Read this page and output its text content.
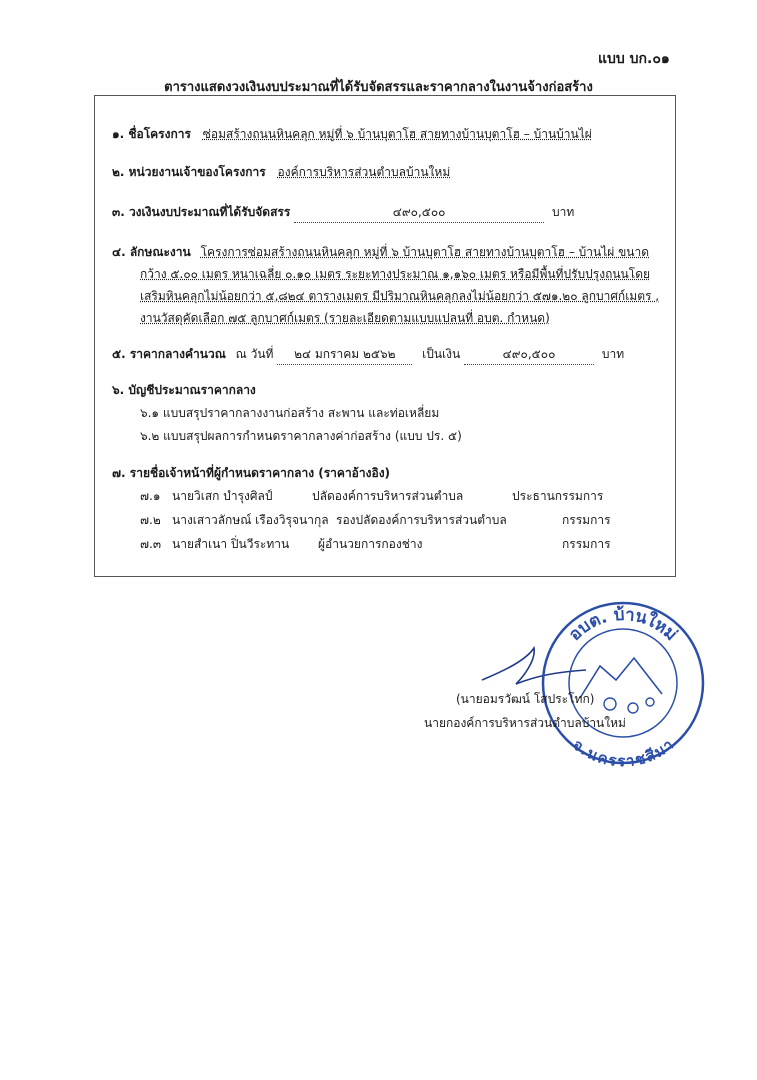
แบบ บก.๐๑
ตารางแสดงวงเงินงบประมาณที่ได้รับจัดสรรและราคากลางในงานจ้างก่อสร้าง
๑. ชื่อโครงการ ซ่อมสร้างถนนหินคลุก หมู่ที่ ๖ บ้านบุตาโฮ สายทางบ้านบุตาโฮ – บ้านบ้านไผ่
๒. หน่วยงานเจ้าของโครงการ องค์การบริหารส่วนตำบลบ้านใหม่
๓. วงเงินงบประมาณที่ได้รับจัดสรร	๔๙๐,๕๐๐	บาท
๔. ลักษณะงาน โครงการซ่อมสร้างถนนหินคลุก หมู่ที่ ๖ บ้านบุตาโฮ สายทางบ้านบุตาโฮ – บ้านไผ่ ขนาด
กว้าง ๕.๐๐ เมตร หนาเฉลี่ย ๐.๑๐ เมตร ระยะทางประมาณ ๑,๑๖๐ เมตร หรือมีพื้นที่ปรับปรุงถนนโดย
เสริมหินคลุกไม่น้อยกว่า ๕,๘๒๔ ตารางเมตร มีปริมาณหินคลุกลงไม่น้อยกว่า ๕๗๑.๒๐ ลูกบาศก์เมตร ,
งานวัสดุคัดเลือก ๗๕ ลูกบาศก์เมตร (รายละเอียดตามแบบแปลนที่ อบต. กำหนด)
๕. ราคากลางคำนวณ ณ วันที่ ๒๔ มกราคม ๒๕๖๒ เป็นเงิน	๔๙๐,๕๐๐	บาท
๖. บัญชีประมาณราคากลาง
๖.๑ แบบสรุปราคากลางงานก่อสร้าง สะพาน และท่อเหลี่ยม
๖.๒ แบบสรุปผลการกำหนดราคากลางค่าก่อสร้าง (แบบ ปร. ๕)
๗. รายชื่อเจ้าหน้าที่ผู้กำหนดราคากลาง (ราคาอ้างอิง)
๗.๑ นายวิเสก บำรุงศิลป์	ปลัดองค์การบริหารส่วนตำบล	ประธานกรรมการ
๗.๒ นางเสาวลักษณ์ เรืองวิรุจนากุล รองปลัดองค์การบริหารส่วนตำบล	กรรมการ
๗.๓ นายสำเนา ปิ่นวีระทาน ผู้อำนวยการกองช่าง	กรรมการ
อบต. บ้านใหม่
จ.นครราชสีมา
(นายอมรวัฒน์ โสประโทก)
นายกองค์การบริหารส่วนตำบลบ้านใหม่
